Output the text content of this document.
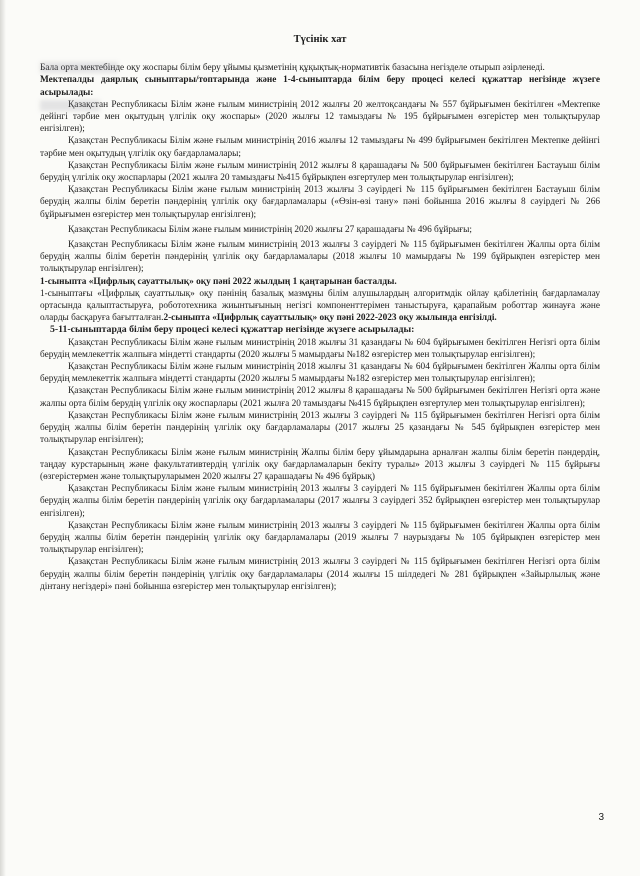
Түсінік хат

Бала орта мектебінде оқу жоспары білім беру ұйымы қызметінің құқықтық-нормативтік базасына негізделе отырып әзірленеді.

Мектепалды даярлық сыныптары/топтарында және 1-4-сыныптарда білім беру процесі келесі құжаттар негізінде жүзеге асырылады:

Қазақстан Республикасы Білім және ғылым министрінің 2012 жылғы 20 желтоқсандағы № 557 бұйрығымен бекітілген «Мектепке дейінгі тәрбие мен оқытудың үлгілік оқу жоспары» (2020 жылғы 12 тамыздағы № 195 бұйрығымен өзгерістер мен толықтырулар енгізілген);

Қазақстан Республикасы Білім және ғылым министрінің 2016 жылғы 12 тамыздағы № 499 бұйрығымен бекітілген Мектепке дейінгі тәрбие мен оқытудың үлгілік оқу бағдарламалары;

Қазақстан Республикасы Білім және ғылым министрінің 2012 жылғы 8 қарашадағы № 500 бұйрығымен бекітілген Бастауыш білім берудің үлгілік оқу жоспарлары (2021 жылға 20 тамыздағы №415 бұйрықпен өзгертулер мен толықтырулар енгізілген);

Қазақстан Республикасы Білім және ғылым министрінің 2013 жылғы 3 сәуірдегі № 115 бұйрығымен бекітілген Бастауыш білім берудің жалпы білім беретін пәндерінің үлгілік оқу бағдарламалары («Өзін-өзі тану» пәні бойынша 2016 жылғы 8 сәуірдегі № 266 бұйрығымен өзгерістер мен толықтырулар енгізілген);

Қазақстан Республикасы Білім және ғылым министрінің 2020 жылғы 27 қарашадағы № 496 бұйрығы;

Қазақстан Республикасы Білім және ғылым министрінің 2013 жылғы 3 сәуірдегі № 115 бұйрығымен бекітілген Жалпы орта білім берудің жалпы білім беретін пәндерінің үлгілік оқу бағдарламалары (2018 жылғы 10 мамырдағы № 199 бұйрықпен өзгерістер мен толықтырулар енгізілген);

1-сыныпта «Цифрлық сауаттылық» оқу пәні 2022 жылдың 1 қаңтарынан басталды.

1-сыныптағы «Цифрлық сауаттылық» оқу пәнінің базалық мазмұны білім алушылардың алгоритмдік ойлау қабілетінің бағдарламалау ортасында қалыптастыруға, робототехника жиынтығының негізгі компоненттерімен таныстыруға, қарапайым роботтар жинауға және оларды басқаруға бағытталған.2-сыныпта «Цифрлық сауаттылық» оқу пәні 2022-2023 оқу жылында енгізілді.

5-11-сыныптарда білім беру процесі келесі құжаттар негізінде жүзеге асырылады:

Қазақстан Республикасы Білім және ғылым министрінің 2018 жылғы 31 қазандағы № 604 бұйрығымен бекітілген Негізгі орта білім берудің мемлекеттік жалпыға міндетті стандарты (2020 жылғы 5 мамырдағы №182 өзгерістер мен толықтырулар енгізілген);

Қазақстан Республикасы Білім және ғылым министрінің 2018 жылғы 31 қазандағы № 604 бұйрығымен бекітілген Жалпы орта білім берудің мемлекеттік жалпыға міндетті стандарты (2020 жылғы 5 мамырдағы №182 өзгерістер мен толықтырулар енгізілген);

Қазақстан Республикасы Білім және ғылым министрінің 2012 жылғы 8 қарашадағы № 500 бұйрығымен бекітілген Негізгі орта және жалпы орта білім берудің үлгілік оқу жоспарлары (2021 жылға 20 тамыздағы №415 бұйрықпен өзгертулер мен толықтырулар енгізілген);

Қазақстан Республикасы Білім және ғылым министрінің 2013 жылғы 3 сәуірдегі № 115 бұйрығымен бекітілген Негізгі орта білім берудің жалпы білім беретін пәндерінің үлгілік оқу бағдарламалары (2017 жылғы 25 қазандағы № 545 бұйрықпен өзгерістер мен толықтырулар енгізілген);

Қазақстан Республикасы Білім және ғылым министрінің Жалпы білім беру ұйымдарына арналған жалпы білім беретін пәндердің, таңдау курстарының және факультативтердің үлгілік оқу бағдарламаларын бекіту туралы» 2013 жылғы 3 сәуірдегі № 115 бұйрығы (өзгерістермен және толықтыруларымен 2020 жылғы 27 қарашадағы № 496 бұйрық)

Қазақстан Республикасы Білім және ғылым министрінің 2013 жылғы 3 сәуірдегі № 115 бұйрығымен бекітілген Жалпы орта білім берудің жалпы білім беретін пәндерінің үлгілік оқу бағдарламалары (2017 жылғы 3 сәуірдегі 352 бұйрықпен өзгерістер мен толықтырулар енгізілген);

Қазақстан Республикасы Білім және ғылым министрінің 2013 жылғы 3 сәуірдегі № 115 бұйрығымен бекітілген Жалпы орта білім берудің жалпы білім беретін пәндерінің үлгілік оқу бағдарламалары (2019 жылғы 7 наурыздағы № 105 бұйрықпен өзгерістер мен толықтырулар енгізілген);

Қазақстан Республикасы Білім және ғылым министрінің 2013 жылғы 3 сәуірдегі № 115 бұйрығымен бекітілген Негізгі орта білім берудің жалпы білім беретін пәндерінің үлгілік оқу бағдарламалары (2014 жылғы 15 шілдедегі № 281 бұйрықпен «Зайырлылық және дінтану негіздері» пәні бойынша өзгерістер мен толықтырулар енгізілген);

3
